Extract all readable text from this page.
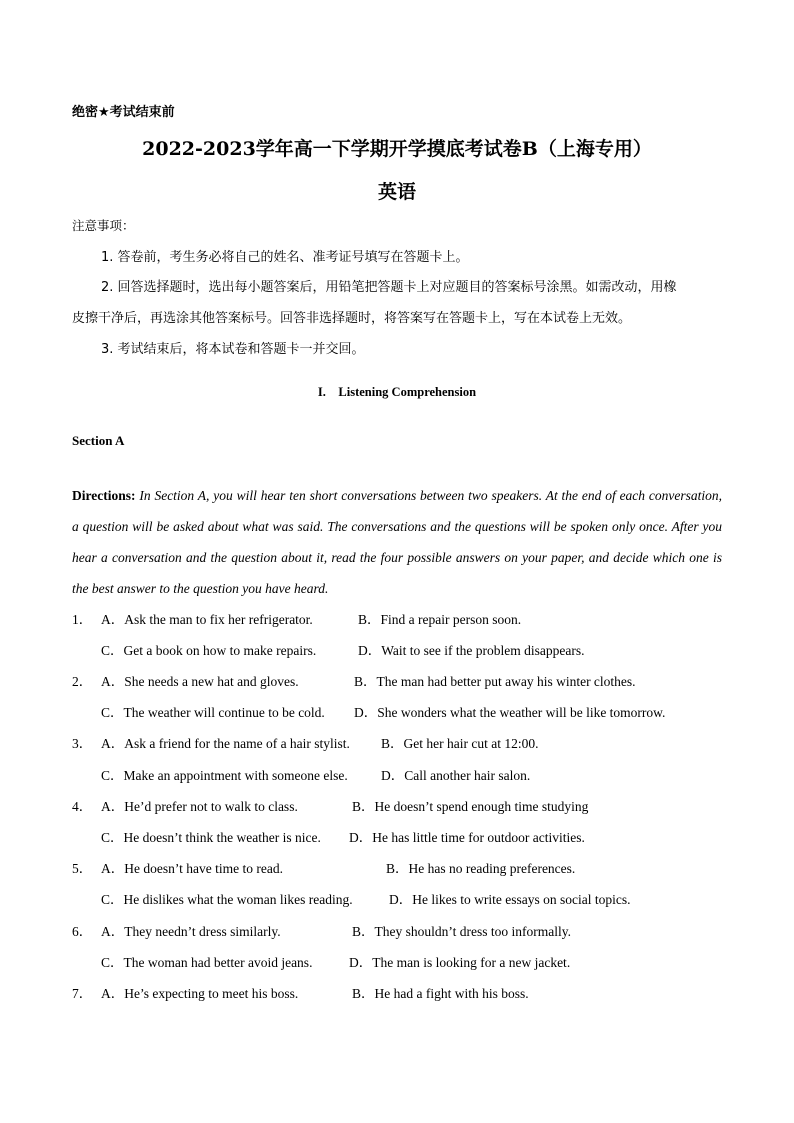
绝密★考试结束前
2022-2023学年高一下学期开学摸底考试卷B（上海专用）
英语
注意事项：
1. 答卷前，考生务必将自己的姓名、准考证号填写在答题卡上。
2. 回答选择题时，选出每小题答案后，用铅笔把答题卡上对应题目的答案标号涂黑。如需改动，用橡
皮擦干净后，再选涂其他答案标号。回答非选择题时，将答案写在答题卡上，写在本试卷上无效。
3. 考试结束后，将本试卷和答题卡一并交回。
I.    Listening Comprehension
Section A
Directions: In Section A, you will hear ten short conversations between two speakers. At the end of each conversation, a question will be asked about what was said. The conversations and the questions will be spoken only once. After you hear a conversation and the question about it, read the four possible answers on your paper, and decide which one is the best answer to the question you have heard.
1． A．Ask the man to fix her refrigerator.	B．Find a repair person soon.
C．Get a book on how to make repairs.	D．Wait to see if the problem disappears.
2． A．She needs a new hat and gloves.	B．The man had better put away his winter clothes.
C．The weather will continue to be cold. D．She wonders what the weather will be like tomorrow.
3． A．Ask a friend for the name of a hair stylist. B．Get her hair cut at 12:00.
C．Make an appointment with someone else. D．Call another hair salon.
4． A．He’d prefer not to walk to class.	B．He doesn’t spend enough time studying
C．He doesn’t think the weather is nice. D．He has little time for outdoor activities.
5． A．He doesn’t have time to read.	B．He has no reading preferences.
C．He dislikes what the woman likes reading.	D．He likes to write essays on social topics.
6． A．They needn’t dress similarly.	B．They shouldn’t dress too informally.
C．The woman had better avoid jeans.	D．The man is looking for a new jacket.
7． A．He’s expecting to meet his boss.	B．He had a fight with his boss.
